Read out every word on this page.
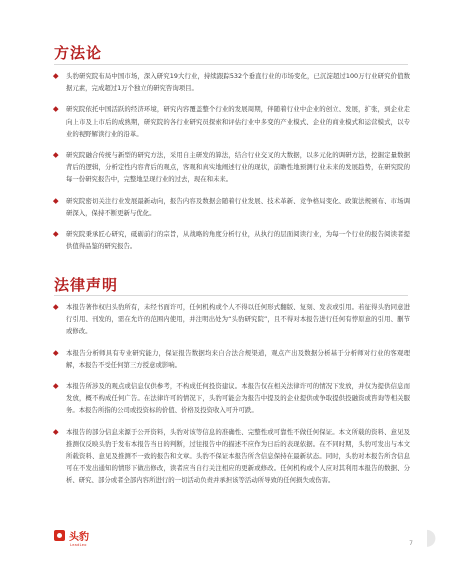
方法论
头豹研究院布局中国市场，深入研究19大行业，持续跟踪532个垂直行业的市场变化，已沉淀超过100万行业研究价值数据元素，完成超过1万个独立的研究咨询项目。
研究院依托中国活跃的经济环境，研究内容覆盖整个行业的发展周期，伴随着行业中企业的创立、发展，扩张，到企业走向上市及上市后的成熟期，研究院的各行业研究员探索和评估行业中多变的产业模式、企业的商业模式和运营模式，以专业的视野解读行业的沿革。
研究院融合传统与新型的研究方法，采用自主研发的算法，结合行业交叉的大数据，以多元化的调研方法，挖掘定量数据背后的逻辑，分析定性内容背后的观点，客观和真实地阐述行业的现状，前瞻性地预测行业未来的发展趋势，在研究院的每一份研究报告中，完整地呈现行业的过去，现在和未来。
研究院密切关注行业发展最新动向，报告内容及数据会随着行业发展、技术革新、竞争格局变化、政策法规颁布、市场调研深入，保持不断更新与优化。
研究院秉承匠心研究，砥砺前行的宗旨，从战略的角度分析行业，从执行的层面阅读行业，为每一个行业的报告阅读者提供值得品鉴的研究报告。
法律声明
本报告著作权归头豹所有，未经书面许可，任何机构或个人不得以任何形式翻版、复刻、发表或引用。若征得头豹同意进行引用、刊发的，需在允许的范围内使用，并注明出处为“头豹研究院”，且不得对本报告进行任何有悖原意的引用、删节或修改。
本报告分析师具有专业研究能力，保证报告数据均来自合法合规渠道，观点产出及数据分析基于分析师对行业的客观理解，本报告不受任何第三方授意或影响。
本报告所涉及的观点或信息仅供参考，不构成任何投资建议。本报告仅在相关法律许可的情况下发放，并仅为提供信息而发放，概不构成任何广告。在法律许可的情况下，头豹可能会为报告中提及的企业提供或争取提供投融资或咨询等相关服务。本报告所指的公司或投资标的价值、价格及投资收入可升可跌。
本报告的部分信息来源于公开资料，头豹对该等信息的准确性、完整性或可靠性不做任何保证。本文所载的资料、意见及推测仅反映头豹于发布本报告当日的判断，过往报告中的描述不应作为日后的表现依据。在不同时期，头豹可发出与本文所载资料、意见及推测不一致的报告和文章。头豹不保证本报告所含信息保持在最新状态。同时，头豹对本报告所含信息可在不发出通知的情形下做出修改，读者应当自行关注相应的更新或修改。任何机构或个人应对其利用本报告的数据、分析、研究、部分或者全部内容所进行的一切活动负责并承担该等活动所导致的任何损失或伤害。
头豹
LeadLeo	7 ◗
